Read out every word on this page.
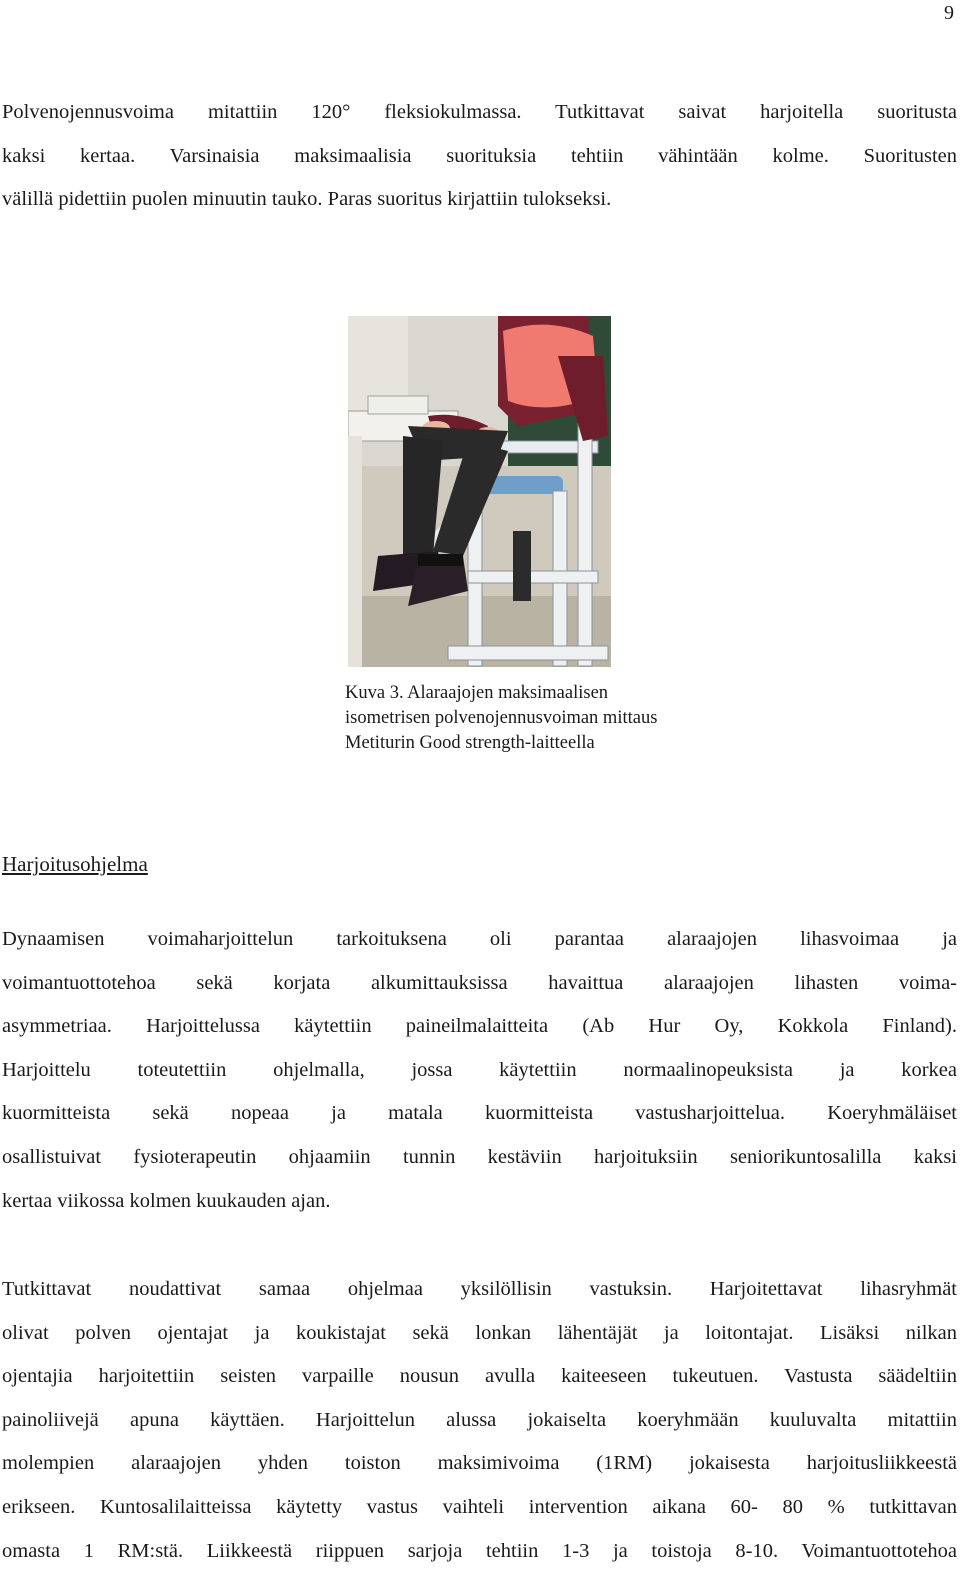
9

Polvenojennusvoima mitattiin 120° fleksiokulmassa. Tutkittavat saivat harjoitella suoritusta
kaksi kertaa. Varsinaisia maksimaalisia suorituksia tehtiin vähintään kolme. Suoritusten
välillä pidettiin puolen minuutin tauko. Paras suoritus kirjattiin tulokseksi.

Kuva 3. Alaraajojen maksimaalisen
isometrisen polvenojennusvoiman mittaus
Metiturin Good strength-laitteella
Harjoitusohjelma

Dynaamisen voimaharjoittelun tarkoituksena oli parantaa alaraajojen lihasvoimaa ja
voimantuottotehoa sekä korjata alkumittauksissa havaittua alaraajojen lihasten voima-
asymmetriaa. Harjoittelussa käytettiin paineilmalaitteita (Ab Hur Oy, Kokkola Finland).
Harjoittelu toteutettiin ohjelmalla, jossa käytettiin normaalinopeuksista ja korkea
kuormitteista sekä nopeaa ja matala kuormitteista vastusharjoittelua. Koeryhmäläiset
osallistuivat fysioterapeutin ohjaamiin tunnin kestäviin harjoituksiin seniorikuntosalilla kaksi
kertaa viikossa kolmen kuukauden ajan.

Tutkittavat noudattivat samaa ohjelmaa yksilöllisin vastuksin. Harjoitettavat lihasryhmät
olivat polven ojentajat ja koukistajat sekä lonkan lähentäjät ja loitontajat. Lisäksi nilkan
ojentajia harjoitettiin seisten varpaille nousun avulla kaiteeseen tukeutuen. Vastusta säädeltiin
painoliivejä apuna käyttäen. Harjoittelun alussa jokaiselta koeryhmään kuuluvalta mitattiin
molempien alaraajojen yhden toiston maksimivoima (1RM) jokaisesta harjoitusliikkeestä
erikseen. Kuntosalilaitteissa käytetty vastus vaihteli intervention aikana 60- 80 % tutkittavan
omasta 1 RM:stä. Liikkeestä riippuen sarjoja tehtiin 1-3 ja toistoja 8-10. Voimantuottotehoa
